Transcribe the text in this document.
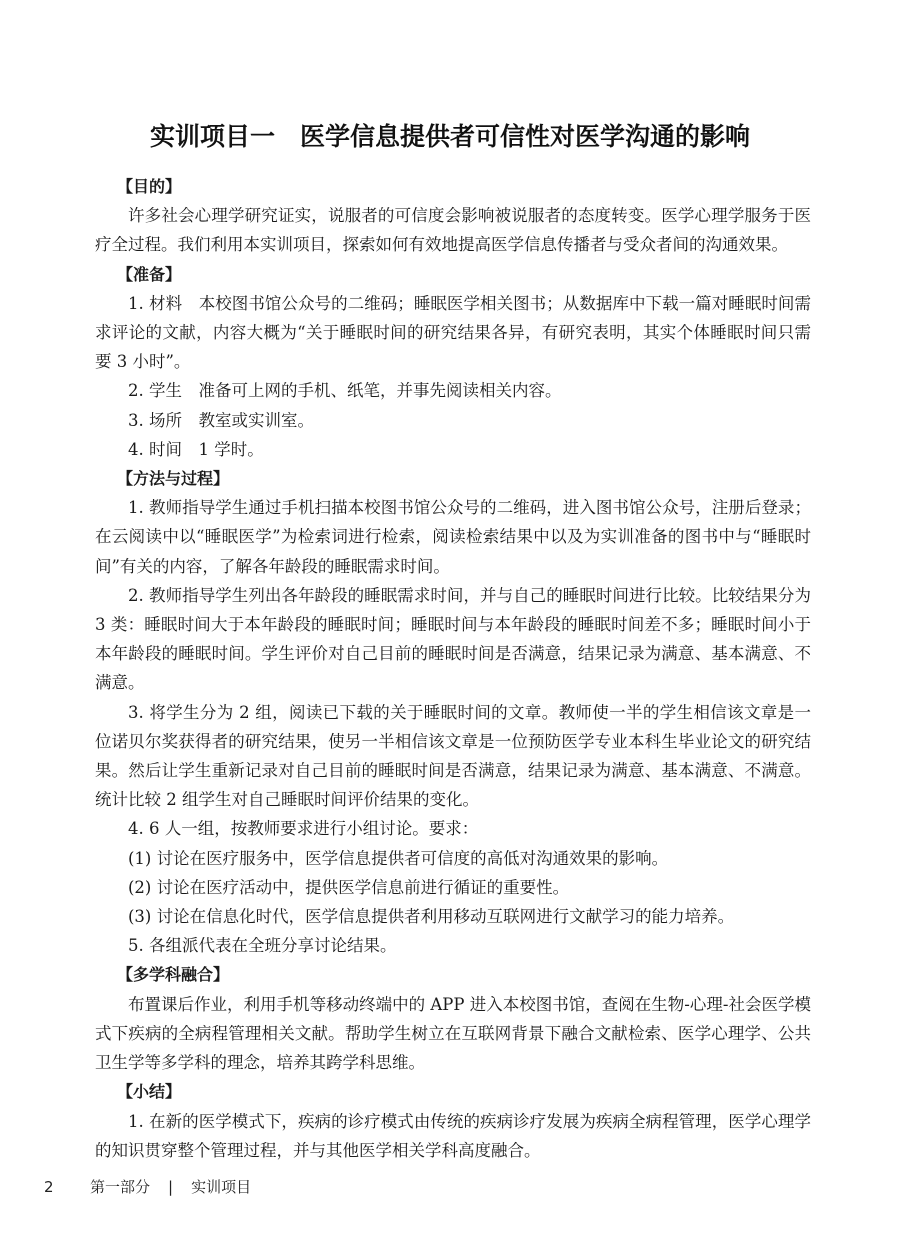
实训项目一　医学信息提供者可信性对医学沟通的影响
【目的】
许多社会心理学研究证实，说服者的可信度会影响被说服者的态度转变。医学心理学服务于医疗全过程。我们利用本实训项目，探索如何有效地提高医学信息传播者与受众者间的沟通效果。
【准备】
1. 材料　本校图书馆公众号的二维码；睡眠医学相关图书；从数据库中下载一篇对睡眠时间需求评论的文献，内容大概为“关于睡眠时间的研究结果各异，有研究表明，其实个体睡眠时间只需要 3 小时”。
2. 学生　准备可上网的手机、纸笔，并事先阅读相关内容。
3. 场所　教室或实训室。
4. 时间　1 学时。
【方法与过程】
1. 教师指导学生通过手机扫描本校图书馆公众号的二维码，进入图书馆公众号，注册后登录；在云阅读中以“睡眠医学”为检索词进行检索，阅读检索结果中以及为实训准备的图书中与“睡眠时间”有关的内容，了解各年龄段的睡眠需求时间。
2. 教师指导学生列出各年龄段的睡眠需求时间，并与自己的睡眠时间进行比较。比较结果分为 3 类：睡眠时间大于本年龄段的睡眠时间；睡眠时间与本年龄段的睡眠时间差不多；睡眠时间小于本年龄段的睡眠时间。学生评价对自己目前的睡眠时间是否满意，结果记录为满意、基本满意、不满意。
3. 将学生分为 2 组，阅读已下载的关于睡眠时间的文章。教师使一半的学生相信该文章是一位诺贝尔奖获得者的研究结果，使另一半相信该文章是一位预防医学专业本科生毕业论文的研究结果。然后让学生重新记录对自己目前的睡眠时间是否满意，结果记录为满意、基本满意、不满意。统计比较 2 组学生对自己睡眠时间评价结果的变化。
4. 6 人一组，按教师要求进行小组讨论。要求：
(1) 讨论在医疗服务中，医学信息提供者可信度的高低对沟通效果的影响。
(2) 讨论在医疗活动中，提供医学信息前进行循证的重要性。
(3) 讨论在信息化时代，医学信息提供者利用移动互联网进行文献学习的能力培养。
5. 各组派代表在全班分享讨论结果。
【多学科融合】
布置课后作业，利用手机等移动终端中的 APP 进入本校图书馆，查阅在生物-心理-社会医学模式下疾病的全病程管理相关文献。帮助学生树立在互联网背景下融合文献检索、医学心理学、公共卫生学等多学科的理念，培养其跨学科思维。
【小结】
1. 在新的医学模式下，疾病的诊疗模式由传统的疾病诊疗发展为疾病全病程管理，医学心理学的知识贯穿整个管理过程，并与其他医学相关学科高度融合。
2 第一部分 | 实训项目
